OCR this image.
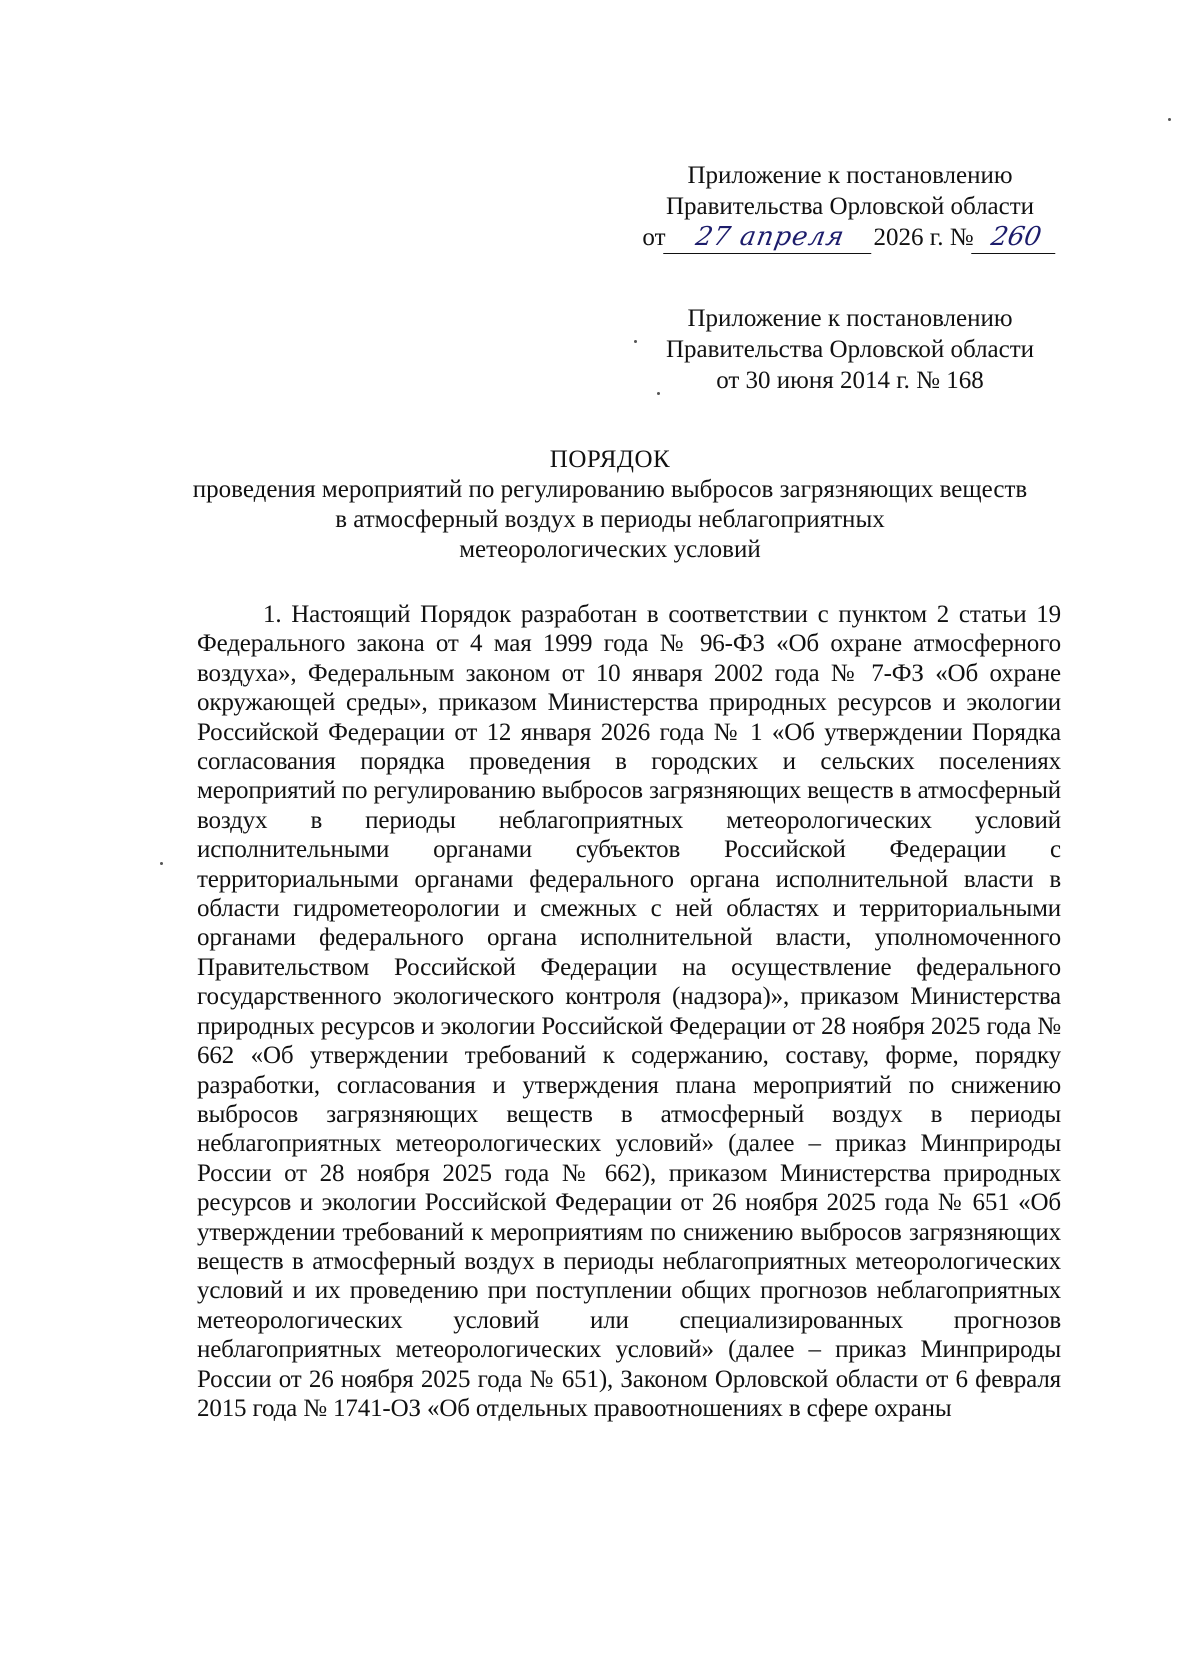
Приложение к постановлению
Правительства Орловской области
от 27 апреля 2026 г. № 260
Приложение к постановлению
Правительства Орловской области
от 30 июня 2014 г. № 168
ПОРЯДОК
проведения мероприятий по регулированию выбросов загрязняющих веществ
в атмосферный воздух в периоды неблагоприятных
метеорологических условий

1. Настоящий Порядок разработан в соответствии с пунктом 2 статьи 19 Федерального закона от 4 мая 1999 года № 96-ФЗ «Об охране атмосферного воздуха», Федеральным законом от 10 января 2002 года № 7-ФЗ «Об охране окружающей среды», приказом Министерства природных ресурсов и экологии Российской Федерации от 12 января 2026 года № 1 «Об утверждении Порядка согласования порядка проведения в городских и сельских поселениях мероприятий по регулированию выбросов загрязняющих веществ в атмосферный воздух в периоды неблагоприятных метеорологических условий исполнительными органами субъектов Российской Федерации с территориальными органами федерального органа исполнительной власти в области гидрометеорологии и смежных с ней областях и территориальными органами федерального органа исполнительной власти, уполномоченного Правительством Российской Федерации на осуществление федерального государственного экологического контроля (надзора)», приказом Министерства природных ресурсов и экологии Российской Федерации от 28 ноября 2025 года № 662 «Об утверждении требований к содержанию, составу, форме, порядку разработки, согласования и утверждения плана мероприятий по снижению выбросов загрязняющих веществ в атмосферный воздух в периоды неблагоприятных метеорологических условий» (далее – приказ Минприроды России от 28 ноября 2025 года № 662), приказом Министерства природных ресурсов и экологии Российской Федерации от 26 ноября 2025 года № 651 «Об утверждении требований к мероприятиям по снижению выбросов загрязняющих веществ в атмосферный воздух в периоды неблагоприятных метеорологических условий и их проведению при поступлении общих прогнозов неблагоприятных метеорологических условий или специализированных прогнозов неблагоприятных метеорологических условий» (далее – приказ Минприроды России от 26 ноября 2025 года № 651), Законом Орловской области от 6 февраля 2015 года № 1741-ОЗ «Об отдельных правоотношениях в сфере охраны
